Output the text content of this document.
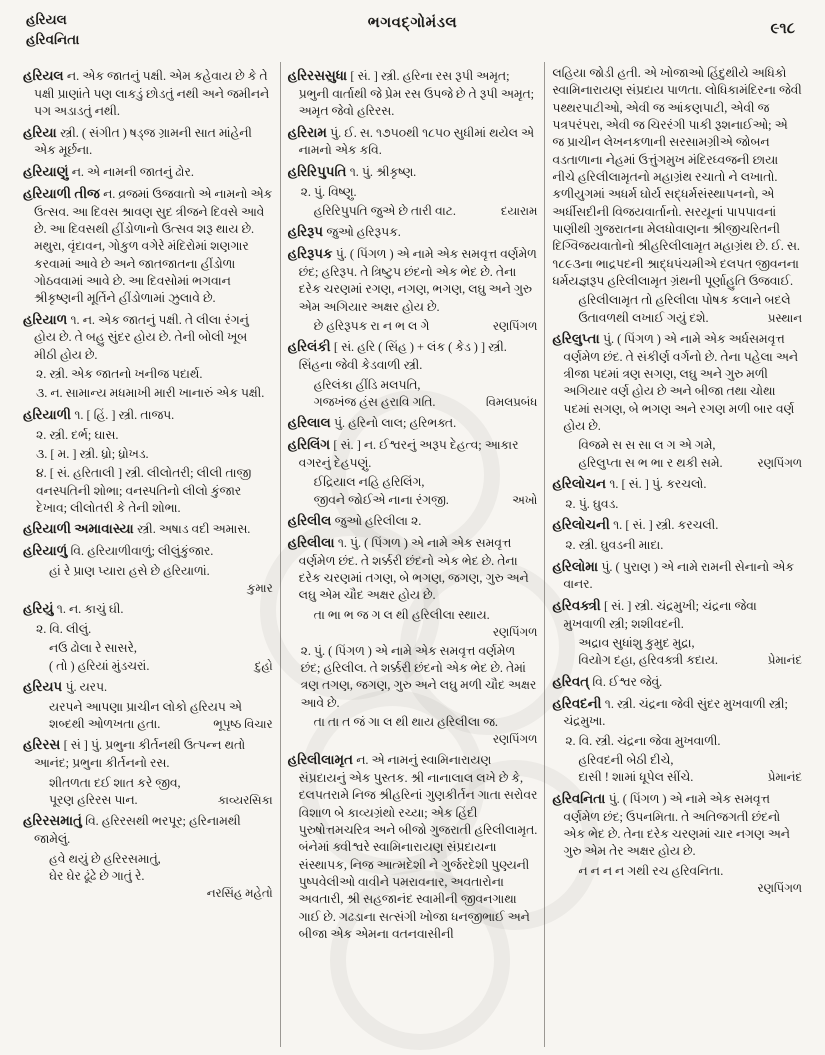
હરિયલ
હરિવનિતા
ભગવદ્ગોમંડલ	૯૧૮

હરિયલ ન. એક જાતનું પક્ષી. એમ કહેવાય છે કે તે પક્ષી પ્રાણાંતે પણ લાકડું છોડતું નથી અને જમીનને પગ અડાડતું નથી.

હરિયા સ્ત્રી. ( સંગીત ) ષડ્જ ગ્રામની સાત માંહેની એક મૂર્છના.

હરિયાણું ન. એ નામની જાતનું ઢોર.

હરિયાળી તીજ ન. વ્રજમાં ઉજવાતો એ નામનો એક ઉત્સવ. આ દિવસ શ્રાવણ સુદ ત્રીજને દિવસે આવે છે. આ દિવસથી હીંડોળાનો ઉત્સવ શરૂ થાય છે. મથુરા, વૃંદાવન, ગોકુળ વગેરે મંદિરોમાં શણગાર કરવામાં આવે છે અને જાતજાતના હીંડોળા ગોઠવવામાં આવે છે. આ દિવસોમાં ભગવાન શ્રીકૃષ્ણની મૂર્તિને હીંડોળામાં ઝુલાવે છે.

હરિયાળ ૧. ન. એક જાતનું પક્ષી. તે લીલા રંગનું હોય છે. તે બહુ સુંદર હોય છે. તેની બોલી ખૂબ મીઠી હોય છે.

૨. સ્ત્રી. એક જાતનો ખનીજ પદાર્થ.

૩. ન. સામાન્ય મધમાખી મારી ખાનારું એક પક્ષી.

હરિયાળી ૧. [ હિં. ] સ્ત્રી. તાજપ.

૨. સ્ત્રી. દર્ભ; ઘાસ.

૩. [ મ. ] સ્ત્રી. ધ્રો; ધ્રોખડ.

૪. [ સં. હરિતાલી ] સ્ત્રી. લીલોતરી; લીલી તાજી વનસ્પતિની શોભા; વનસ્પતિનો લીલો કુંજાર દેખાવ; લીલોતરી કે તેની શોભા.

હરિયાળી અમાવાસ્યા સ્ત્રી. અષાડ વદી અમાસ.

હરિયાળું વિ. હરિયાળીવાળું; લીલુંકુંજાર.

હાં રે પ્રાણ પ્યારા હસે છે હરિયાળાં.
કુમાર

હરિયું ૧. ન. કાચું ઘી.

૨. વિ. લીલું.

નઉ ઢોલા રે સાસરે,
( તો ) હરિયાં મુંડચરાં.	દુહો

હરિયપ પું. યરપ.

યરપને આપણા પ્રાચીન લોકો હરિયપ એ
શબ્દથી ઓળખતા હતા.	ભૂપૃષ્ઠ વિચાર

હરિરસ [ સં ] પું. પ્રભુના કીર્તનથી ઉત્પન્ન થતો આનંદ; પ્રભુના કીર્તનનો રસ.

શીતળતા દઈ શાત કરે જીવ,
પૂરણ હરિરસ પાન.	કાવ્યરસિકા

હરિરસમાતું વિ. હરિરસથી ભરપૂર; હરિનામથી જામેલું.

હવે થયું છે હરિરસમાતું,
ઘેર ઘેર ઢૂંઢે છે ગાતું રે.
નરસિંહ મહેતો

હરિરસસુધા [ સં. ] સ્ત્રી. હરિના રસ રૂપી અમૃત; પ્રભુની વાર્તાથી જે પ્રેમ રસ ઉપજે છે તે રૂપી અમૃત; અમૃત જેવો હરિરસ.

હરિરામ પું. ઈ. સ. ૧૭૫૦થી ૧૮૫૦ સુધીમાં થયેલ એ નામનો એક કવિ.

હરિરિપુપતિ ૧. પું. શ્રીકૃષ્ણ.

૨. પું. વિષ્ણુ.

હરિરિપુપતિ જુએ છે તારી વાટ.	દયારામ

હરિરૂપ જુઓ હરિરૂપક.

હરિરૂપક પું. ( પિંગળ ) એ નામે એક સમવૃત્ત વર્ણમેળ છંદ; હરિરૂપ. તે ત્રિષ્ટુપ છંદનો એક ભેદ છે. તેના દરેક ચરણમાં રગણ, નગણ, ભગણ, લઘુ અને ગુરુ એમ અગિયાર અક્ષર હોય છે.

છે હરિરૂપક રા ન ભ લ ગે	રણપિંગળ

હરિલંકી [ સં. હરિ ( સિંહ ) + લંક ( કેડ ) ] સ્ત્રી. સિંહના જેવી કેડવાળી સ્ત્રી.

હરિલંકા હીંડિ મલપતિ,
ગજખંજ હંસ હરાવિ ગતિ.	વિમલપ્રબંધ

હરિલાલ પું. હરિનો લાલ; હરિભક્ત.

હરિલિંગ [ સં. ] ન. ઈશ્વરનું અરૂપ દેહત્વ; આકાર વગરનું દેહપણું.

ઈદ્રિયાલ નહિ હરિલિંગ,
જીવને જોઈએ નાના રંગજી.	અખો

હરિલીલ જુઓ હરિલીલા ૨.

હરિલીલા ૧. પું. ( પિંગળ ) એ નામે એક સમવૃત્ત વર્ણમેળ છંદ. તે શર્ક્કરી છંદનો એક ભેદ છે. તેના દરેક ચરણમાં તગણ, બે ભગણ, જગણ, ગુરુ અને લઘુ એમ ચૌદ અક્ષર હોય છે.

તા ભા ભ જ ગ લ થી હરિલીલા સ્થાય.
રણપિંગળ

૨. પું. ( પિંગળ ) એ નામે એક સમવૃત્ત વર્ણમેળ છંદ; હરિલીલ. તે શર્ક્કરી છંદનો એક ભેદ છે. તેમાં ત્રણ તગણ, જગણ, ગુરુ અને લઘુ મળી ચૌદ અક્ષર આવે છે.

તા તા ત જં ગા લ થી થાય હરિલીલા જ.
રણપિંગળ

હરિલીલામૃત ન. એ નામનું સ્વામિનારાયણ સંપ્રદાયનું એક પુસ્તક. શ્રી નાનાલાલ લખે છે કે, દલપતરામે નિજ શ્રીહરિનાં ગુણકીર્તન ગાતા સરોવર વિશાળ બે કાવ્યગ્રંથો રચ્યા; એક હિંદી પુરુષોત્તમચરિત્ર અને બીજો ગુજરાતી હરિલીલામૃત. બંનેમાં ક્વીશ્વરે સ્વામિનારાયણ સંપ્રદાયના સંસ્થાપક, નિજ આત્મદેશી ને ગુર્જરદેશી પુણ્યની પુષ્પવેલીઓ વાવીને પમરાવનાર, અવતારોના અવતારી, શ્રી સહજાનંદ સ્વામીની જીવનગાથા ગાઈ છે. ગઢડાના સત્સંગી ખોજા ધનજીભાઈ અને બીજા એક એમના વતનવાસીની

લહિયા જોડી હતી. એ ખોજાઓ હિંદુથીયે અધિકો સ્વામિનારાયણ સંપ્રદાય પાળતા. લોધિકામંદિરના જેવી પથ્થરપાટીઓ, એવી જ આંકણપાટી, એવી જ પત્રપરંપરા, એવી જ ચિરરંગી પાકી રૂશનાઈઓ; એ જ પ્રાચીન લેખનકળાની સરસામગ્રીએ જોબન વડતાળાના નેહમાં ઉત્તુંગમુખ મંદિરધ્વજની છાયા નીચે હરિલીલામૃતનો મહાગ્રંથ રચાતો ને લખાતો. કળીયુગમાં અધર્મ ઘોર્ય સદ્ધર્મસંસ્થાપનનો, એ અર્ધીસદીની વિજયવાર્તાનો. સરયૂનાં પાપપાવનાં પાણીથી ગુજરાતના મેલધોવાણના શ્રીજીચરિતની દિગ્વિજયવાતોનો શ્રીહરિલીલામૃત મહાગ્રંથ છે. ઈ. સ. ૧૮૯૩ના ભાદ્રપદની શ્રાદ્ધપંચમીએ દલપત જીવનના ધર્મયજ્ઞરૂપ હરિલીલામૃત ગ્રંથની પૂર્ણાહુતિ ઉજવાઈ.

હરિલીલામૃત તો હરિલીલા પોષક કલાને બદલે
ઉતાવળથી લખાઈ ગયું દશે.	પ્રસ્થાન

હરિલુપ્તા પું. ( પિંગળ ) એ નામે એક અર્ધસમવૃત્ત વર્ણમેળ છંદ. તે સંકીર્ણ વર્ગનો છે. તેના પહેલા અને ત્રીજા પદમાં ત્રણ સગણ, લઘુ અને ગુરુ મળી અગિયાર વર્ણ હોય છે અને બીજા તથા ચોથા પદમાં સગણ, બે ભગણ અને રગણ મળી બાર વર્ણ હોય છે.

વિજમે સ સ સા લ ગ એ ગમે,
હરિલુપ્તા સ ભ ભા ર થકી સમે.	રણપિંગળ

હરિલોચન ૧. [ સં. ] પું. કરચલો.

૨. પું. ઘુવડ.

હરિલોચની ૧. [ સં. ] સ્ત્રી. કરચલી.

૨. સ્ત્રી. ઘુવડની માદા.

હરિલોમા પું. ( પુરાણ ) એ નામે રામની સેનાનો એક વાનર.

હરિવક્ત્રી [ સં. ] સ્ત્રી. ચંદ્રમુખી; ચંદ્રના જેવા મુખવાળી સ્ત્રી; શશીવદની.

અદ્રાવ સુધાંશુ કુમુદ મુદ્રા,
વિયોગ દહા, હરિવક્ત્રી કદાય.	પ્રેમાનંદ

હરિવત્ વિ. ઈશ્વર જેવું.

હરિવદની ૧. સ્ત્રી. ચંદ્રના જેવી સુંદર મુખવાળી સ્ત્રી; ચંદ્રમુખા.

૨. વિ. સ્ત્રી. ચંદ્રના જેવા મુખવાળી.

હરિવદની બેઠી દીચે,
દાસી ! શામાં ધૂપેલ સીંચે.	પ્રેમાનંદ

હરિવનિતા પું. ( પિંગળ ) એ નામે એક સમવૃત્ત વર્ણમેળ છંદ; ઉપનમિતા. તે અતિજગતી છંદનો એક ભેદ છે. તેના દરેક ચરણમાં ચાર નગણ અને ગુરુ એમ તેર અક્ષર હોય છે.

ન ન ન ન ગથી રચ હરિવનિતા.
રણપિંગળ
